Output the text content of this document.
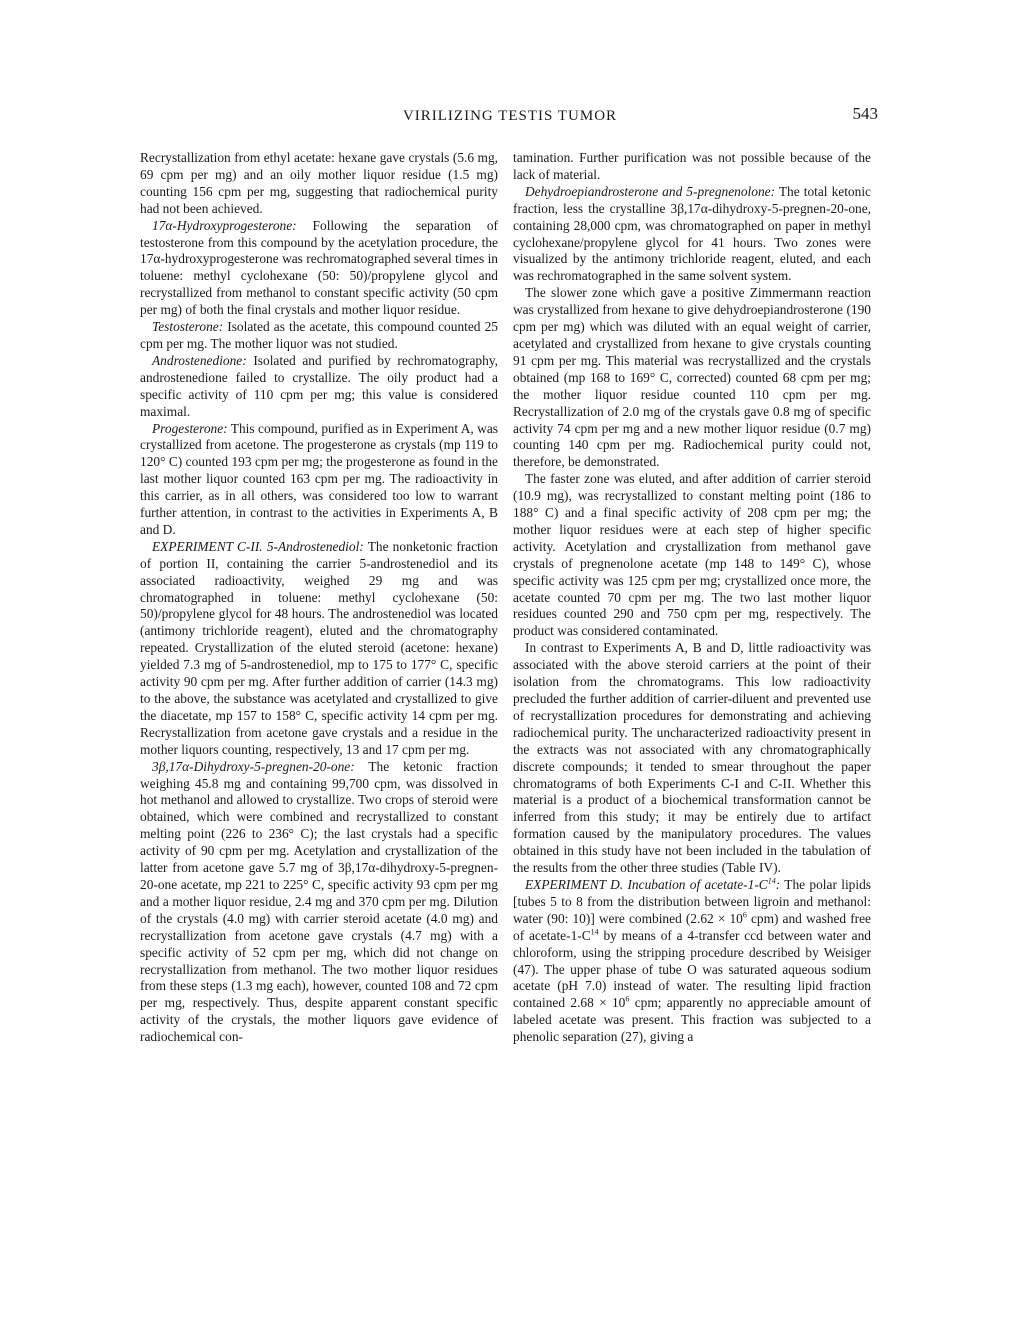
VIRILIZING TESTIS TUMOR	543

Recrystallization from ethyl acetate: hexane gave crystals (5.6 mg, 69 cpm per mg) and an oily mother liquor residue (1.5 mg) counting 156 cpm per mg, suggesting that radiochemical purity had not been achieved.

17α-Hydroxyprogesterone: Following the separation of testosterone from this compound by the acetylation procedure, the 17α-hydroxyprogesterone was rechromatographed several times in toluene: methyl cyclohexane (50: 50)/propylene glycol and recrystallized from methanol to constant specific activity (50 cpm per mg) of both the final crystals and mother liquor residue.

Testosterone: Isolated as the acetate, this compound counted 25 cpm per mg. The mother liquor was not studied.

Androstenedione: Isolated and purified by rechromatography, androstenedione failed to crystallize. The oily product had a specific activity of 110 cpm per mg; this value is considered maximal.

Progesterone: This compound, purified as in Experiment A, was crystallized from acetone. The progesterone as crystals (mp 119 to 120° C) counted 193 cpm per mg; the progesterone as found in the last mother liquor counted 163 cpm per mg. The radioactivity in this carrier, as in all others, was considered too low to warrant further attention, in contrast to the activities in Experiments A, B and D.

EXPERIMENT C-II. 5-Androstenediol: The nonketonic fraction of portion II, containing the carrier 5-androstenediol and its associated radioactivity, weighed 29 mg and was chromatographed in toluene: methyl cyclohexane (50: 50)/propylene glycol for 48 hours. The androstenediol was located (antimony trichloride reagent), eluted and the chromatography repeated. Crystallization of the eluted steroid (acetone: hexane) yielded 7.3 mg of 5-androstenediol, mp to 175 to 177° C, specific activity 90 cpm per mg. After further addition of carrier (14.3 mg) to the above, the substance was acetylated and crystallized to give the diacetate, mp 157 to 158° C, specific activity 14 cpm per mg. Recrystallization from acetone gave crystals and a residue in the mother liquors counting, respectively, 13 and 17 cpm per mg.

3β,17α-Dihydroxy-5-pregnen-20-one: The ketonic fraction weighing 45.8 mg and containing 99,700 cpm, was dissolved in hot methanol and allowed to crystallize. Two crops of steroid were obtained, which were combined and recrystallized to constant melting point (226 to 236° C); the last crystals had a specific activity of 90 cpm per mg. Acetylation and crystallization of the latter from acetone gave 5.7 mg of 3β,17α-dihydroxy-5-pregnen-20-one acetate, mp 221 to 225° C, specific activity 93 cpm per mg and a mother liquor residue, 2.4 mg and 370 cpm per mg. Dilution of the crystals (4.0 mg) with carrier steroid acetate (4.0 mg) and recrystallization from acetone gave crystals (4.7 mg) with a specific activity of 52 cpm per mg, which did not change on recrystallization from methanol. The two mother liquor residues from these steps (1.3 mg each), however, counted 108 and 72 cpm per mg, respectively. Thus, despite apparent constant specific activity of the crystals, the mother liquors gave evidence of radiochemical con-

tamination. Further purification was not possible because of the lack of material.

Dehydroepiandrosterone and 5-pregnenolone: The total ketonic fraction, less the crystalline 3β,17α-dihydroxy-5-pregnen-20-one, containing 28,000 cpm, was chromatographed on paper in methyl cyclohexane/propylene glycol for 41 hours. Two zones were visualized by the antimony trichloride reagent, eluted, and each was rechromatographed in the same solvent system.

The slower zone which gave a positive Zimmermann reaction was crystallized from hexane to give dehydroepiandrosterone (190 cpm per mg) which was diluted with an equal weight of carrier, acetylated and crystallized from hexane to give crystals counting 91 cpm per mg. This material was recrystallized and the crystals obtained (mp 168 to 169° C, corrected) counted 68 cpm per mg; the mother liquor residue counted 110 cpm per mg. Recrystallization of 2.0 mg of the crystals gave 0.8 mg of specific activity 74 cpm per mg and a new mother liquor residue (0.7 mg) counting 140 cpm per mg. Radiochemical purity could not, therefore, be demonstrated.

The faster zone was eluted, and after addition of carrier steroid (10.9 mg), was recrystallized to constant melting point (186 to 188° C) and a final specific activity of 208 cpm per mg; the mother liquor residues were at each step of higher specific activity. Acetylation and crystallization from methanol gave crystals of pregnenolone acetate (mp 148 to 149° C), whose specific activity was 125 cpm per mg; crystallized once more, the acetate counted 70 cpm per mg. The two last mother liquor residues counted 290 and 750 cpm per mg, respectively. The product was considered contaminated.

In contrast to Experiments A, B and D, little radioactivity was associated with the above steroid carriers at the point of their isolation from the chromatograms. This low radioactivity precluded the further addition of carrier-diluent and prevented use of recrystallization procedures for demonstrating and achieving radiochemical purity. The uncharacterized radioactivity present in the extracts was not associated with any chromatographically discrete compounds; it tended to smear throughout the paper chromatograms of both Experiments C-I and C-II. Whether this material is a product of a biochemical transformation cannot be inferred from this study; it may be entirely due to artifact formation caused by the manipulatory procedures. The values obtained in this study have not been included in the tabulation of the results from the other three studies (Table IV).

EXPERIMENT D. Incubation of acetate-$1-C^{14}$: The polar lipids [tubes 5 to 8 from the distribution between ligroin and methanol: water (90: 10)] were combined ($2.62 \times 10^6$ cpm) and washed free of acetate-$1-C^{14}$ by means of a 4-transfer ccd between water and chloroform, using the stripping procedure described by Weisiger (47). The upper phase of tube O was saturated aqueous sodium acetate (pH 7.0) instead of water. The resulting lipid fraction contained $2.68 \times 10^6$ cpm; apparently no appreciable amount of labeled acetate was present. This fraction was subjected to a phenolic separation (27), giving a
